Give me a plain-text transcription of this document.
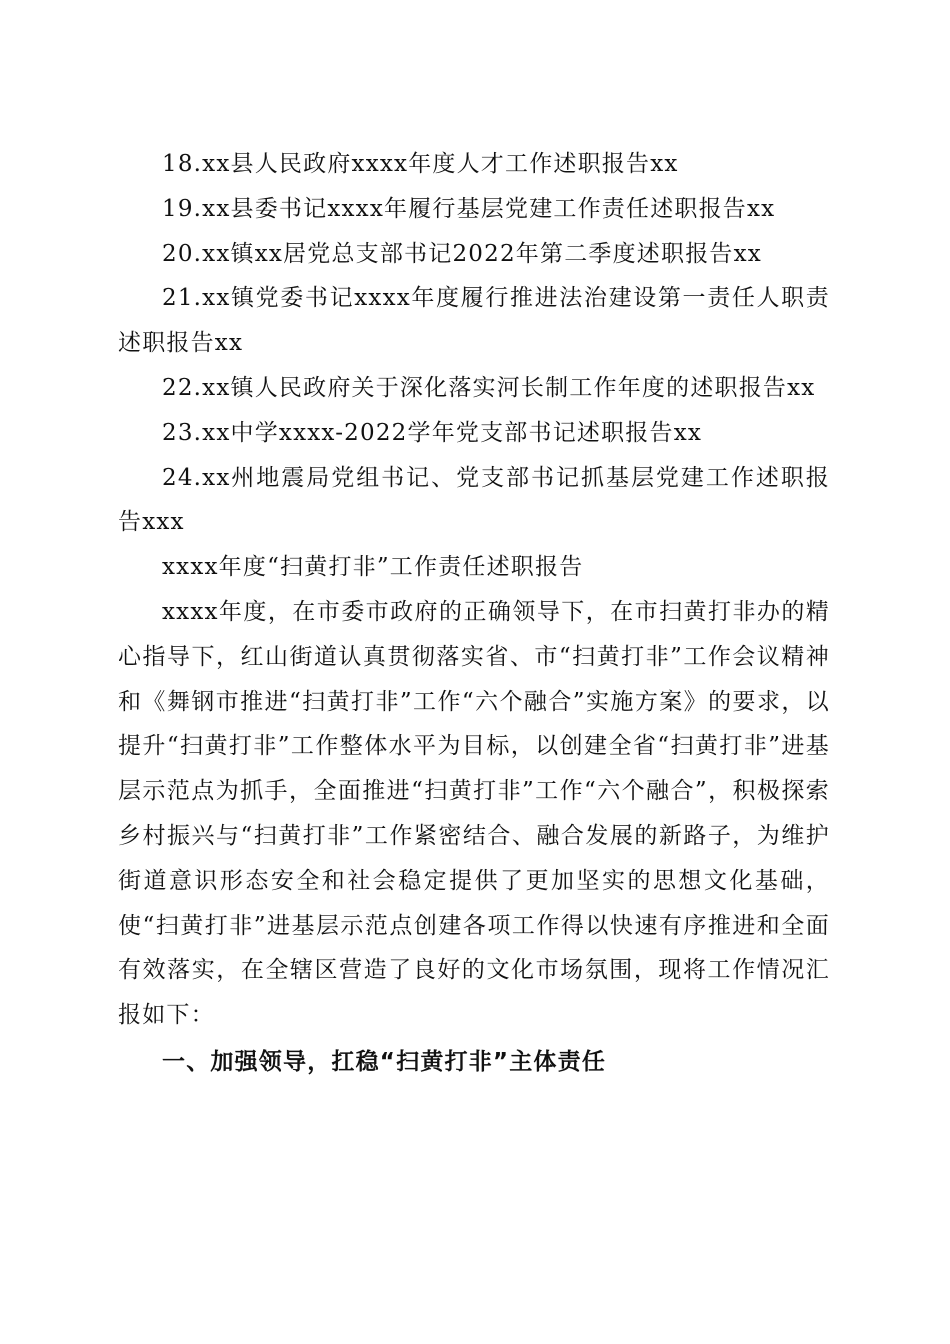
18.xx县人民政府xxxx年度人才工作述职报告xx

19.xx县委书记xxxx年履行基层党建工作责任述职报告xx

20.xx镇xx居党总支部书记2022年第二季度述职报告xx

21.xx镇党委书记xxxx年度履行推进法治建设第一责任人职责述职报告xx

22.xx镇人民政府关于深化落实河长制工作年度的述职报告xx

23.xx中学xxxx-2022学年党支部书记述职报告xx

24.xx州地震局党组书记、党支部书记抓基层党建工作述职报告xxx

xxxx年度“扫黄打非”工作责任述职报告

xxxx年度，在市委市政府的正确领导下，在市扫黄打非办的精心指导下，红山街道认真贯彻落实省、市“扫黄打非”工作会议精神和《舞钢市推进“扫黄打非”工作“六个融合”实施方案》的要求，以提升“扫黄打非”工作整体水平为目标，以创建全省“扫黄打非”进基层示范点为抓手，全面推进“扫黄打非”工作“六个融合”，积极探索乡村振兴与“扫黄打非”工作紧密结合、融合发展的新路子，为维护街道意识形态安全和社会稳定提供了更加坚实的思想文化基础，使“扫黄打非”进基层示范点创建各项工作得以快速有序推进和全面有效落实，在全辖区营造了良好的文化市场氛围，现将工作情况汇报如下：

一、加强领导，扛稳“扫黄打非”主体责任
